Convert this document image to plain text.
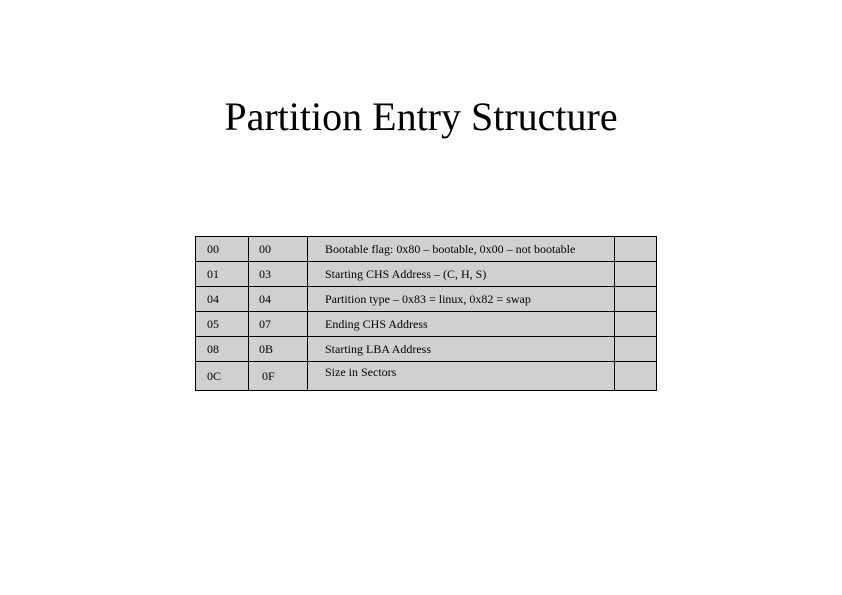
Partition Entry Structure
00	00	Bootable flag: 0x80 – bootable, 0x00 – not bootable	
01	03	Starting CHS Address – (C, H, S)	
04	04	Partition type – 0x83 = linux, 0x82 = swap	
05	07	Ending CHS Address	
08	0B	Starting LBA Address	
0C	0F	Size in Sectors	
